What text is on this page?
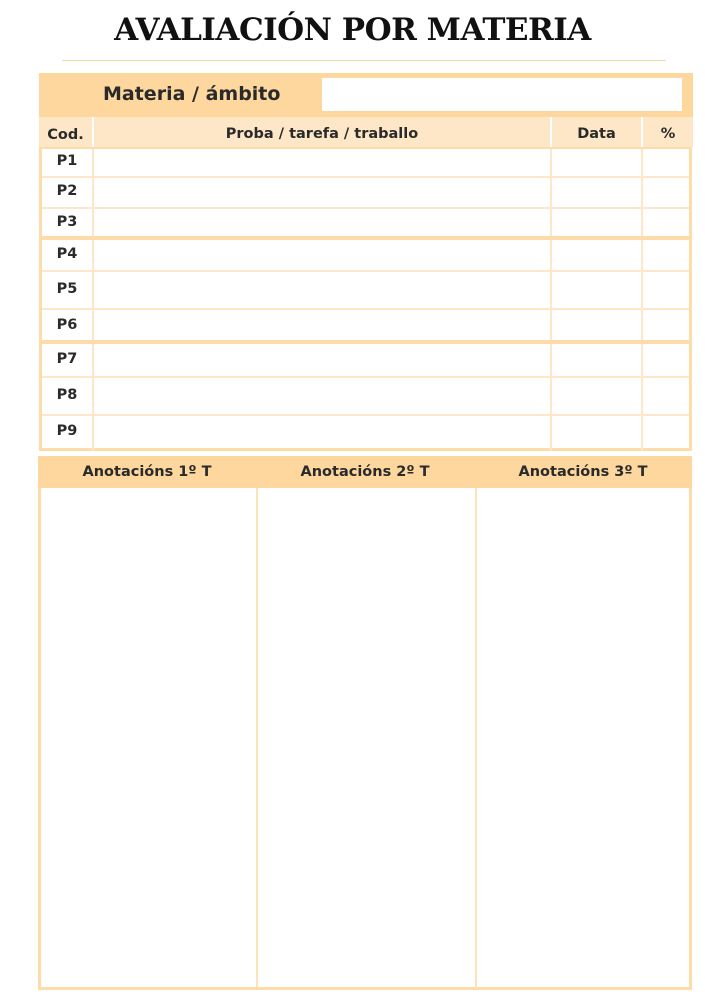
AVALIACIÓN POR MATERIA
Materia / ámbito
Cod.	Proba / tarefa / traballo	Data	%
P1
P2
P3
P4
P5
P6
P7
P8
P9
Anotacións 1º T	Anotacións 2º T	Anotacións 3º T
